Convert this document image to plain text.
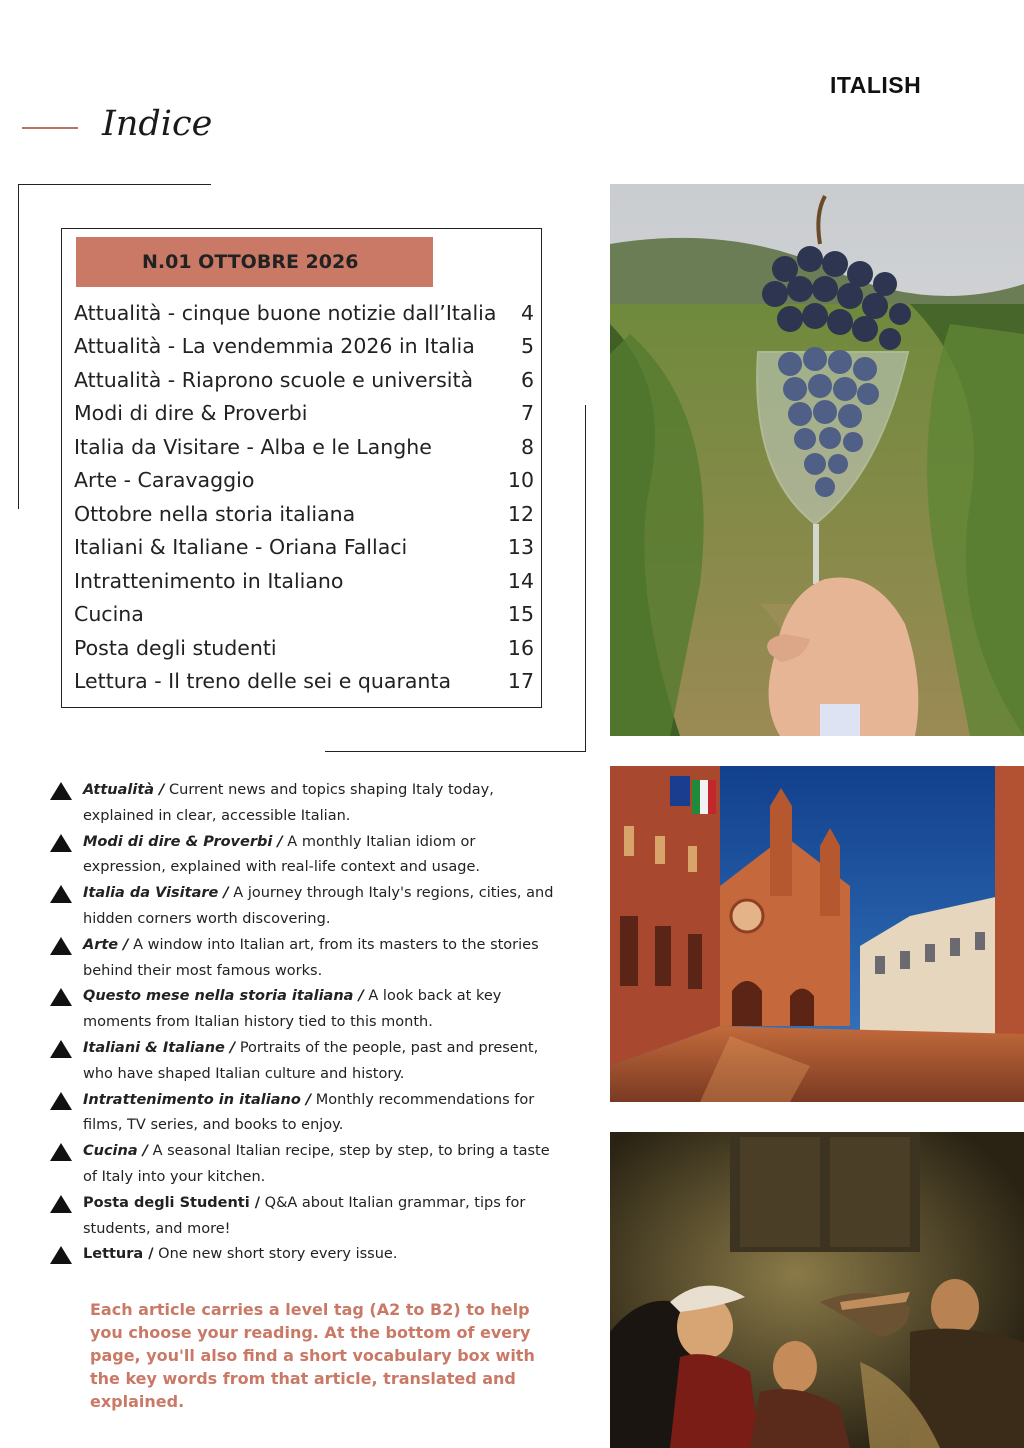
ITALISH
Indice
N.01 OTTOBRE 2026
Attualità - cinque buone notizie dall’Italia 4
Attualità - La vendemmia 2026 in Italia 5
Attualità - Riaprono scuole e università 6
Modi di dire & Proverbi	7
Italia da Visitare - Alba e le Langhe	8
Arte - Caravaggio	10
Ottobre nella storia italiana	12
Italiani & Italiane - Oriana Fallaci	13
Intrattenimento in Italiano	14
Cucina	15
Posta degli studenti	16
Lettura - Il treno delle sei e quaranta	17
Attualità / Current news and topics shaping Italy today, explained in clear, accessible Italian.
Modi di dire & Proverbi / A monthly Italian idiom or expression, explained with real-life context and usage.
Italia da Visitare / A journey through Italy's regions, cities, and hidden corners worth discovering.
Arte / A window into Italian art, from its masters to the stories behind their most famous works.
Questo mese nella storia italiana / A look back at key moments from Italian history tied to this month.
Italiani & Italiane / Portraits of the people, past and present, who have shaped Italian culture and history.
Intrattenimento in italiano / Monthly recommendations for films, TV series, and books to enjoy.
Cucina / A seasonal Italian recipe, step by step, to bring a taste of Italy into your kitchen.
Posta degli Studenti / Q&A about Italian grammar, tips for students, and more!
Lettura / One new short story every issue.
Each article carries a level tag (A2 to B2) to help you choose your reading. At the bottom of every page, you'll also find a short vocabulary box with the key words from that article, translated and explained.
